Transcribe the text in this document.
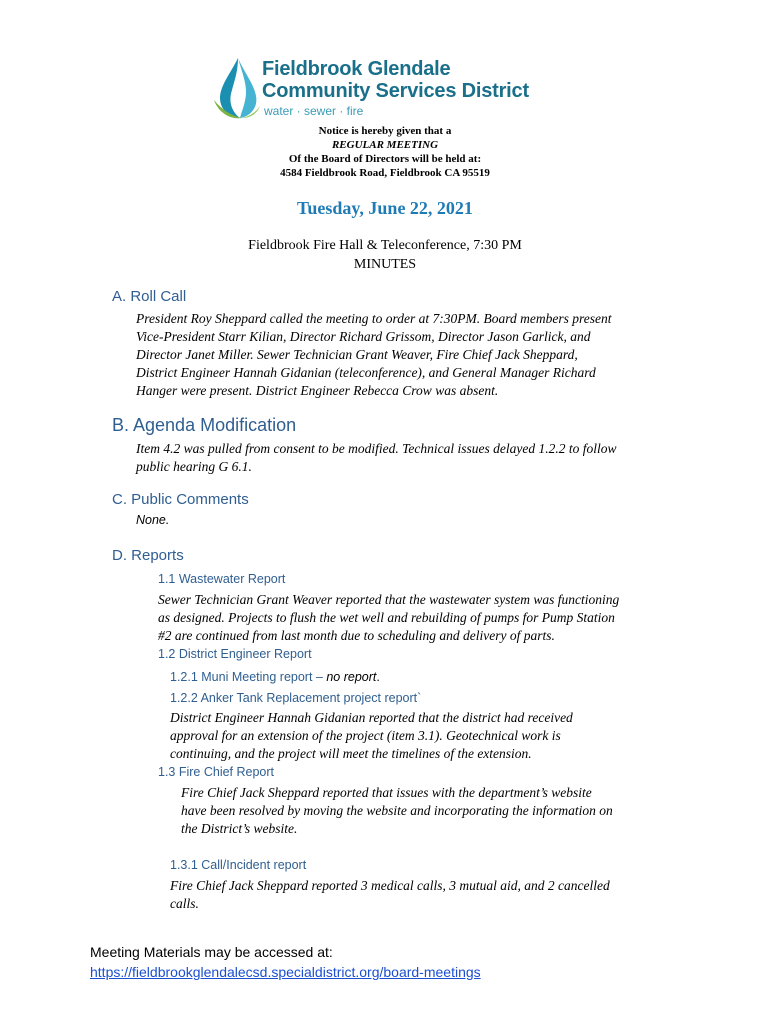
Fieldbrook Glendale
Community Services District
water · sewer · fire
Notice is hereby given that a
REGULAR MEETING
Of the Board of Directors will be held at:
4584 Fieldbrook Road, Fieldbrook CA 95519
Tuesday, June 22, 2021
Fieldbrook Fire Hall & Teleconference, 7:30 PM
MINUTES
A. Roll Call
President Roy Sheppard called the meeting to order at 7:30PM. Board members present
Vice-President Starr Kilian, Director Richard Grissom, Director Jason Garlick, and
Director Janet Miller. Sewer Technician Grant Weaver, Fire Chief Jack Sheppard,
District Engineer Hannah Gidanian (teleconference), and General Manager Richard
Hanger were present. District Engineer Rebecca Crow was absent.
B. Agenda Modification
Item 4.2 was pulled from consent to be modified. Technical issues delayed 1.2.2 to follow
public hearing G 6.1.
C. Public Comments
None.
D. Reports
1.1 Wastewater Report
Sewer Technician Grant Weaver reported that the wastewater system was functioning
as designed. Projects to flush the wet well and rebuilding of pumps for Pump Station
#2 are continued from last month due to scheduling and delivery of parts.
1.2 District Engineer Report
1.2.1 Muni Meeting report – no report.
1.2.2 Anker Tank Replacement project report`
District Engineer Hannah Gidanian reported that the district had received
approval for an extension of the project (item 3.1). Geotechnical work is
continuing, and the project will meet the timelines of the extension.
1.3 Fire Chief Report
Fire Chief Jack Sheppard reported that issues with the department’s website
have been resolved by moving the website and incorporating the information on
the District’s website.
1.3.1 Call/Incident report
Fire Chief Jack Sheppard reported 3 medical calls, 3 mutual aid, and 2 cancelled
calls.
Meeting Materials may be accessed at:
https://fieldbrookglendalecsd.specialdistrict.org/board-meetings
